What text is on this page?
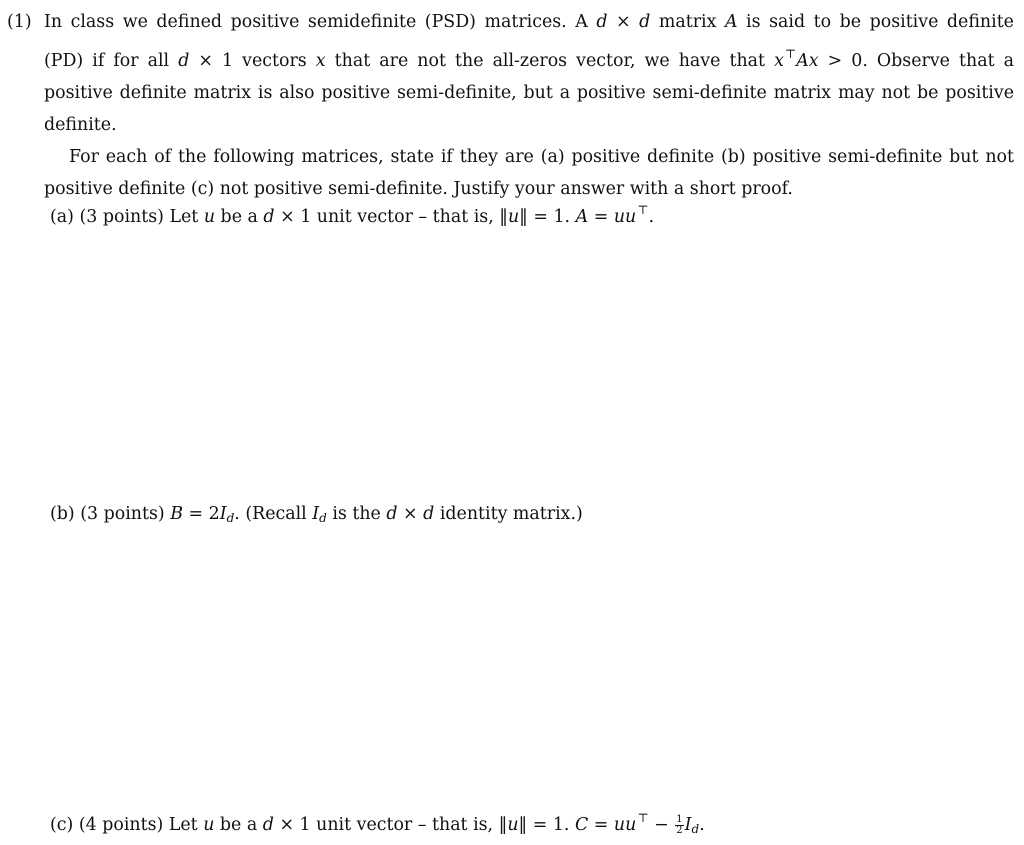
(1) In class we defined positive semidefinite (PSD) matrices. A d × d matrix A is said to be positive definite
(PD) if for all d × 1 vectors x that are not the all-zeros vector, we have that x⊤Ax > 0. Observe that a
positive definite matrix is also positive semi-definite, but a positive semi-definite matrix may not be positive
definite.
For each of the following matrices, state if they are (a) positive definite (b) positive semi-definite but not
positive definite (c) not positive semi-definite. Justify your answer with a short proof.
(a) (3 points) Let u be a d × 1 unit vector – that is, ‖u‖ = 1. A = uu⊤.
(b) (3 points) $B = 2I_d$. (Recall $I_d$ is the d × d identity matrix.)
(c) (4 points) Let u be a d × 1 unit vector – that is, ‖u‖ = 1. $C = uu^⊤ - \frac{1}{2} I_d$.
